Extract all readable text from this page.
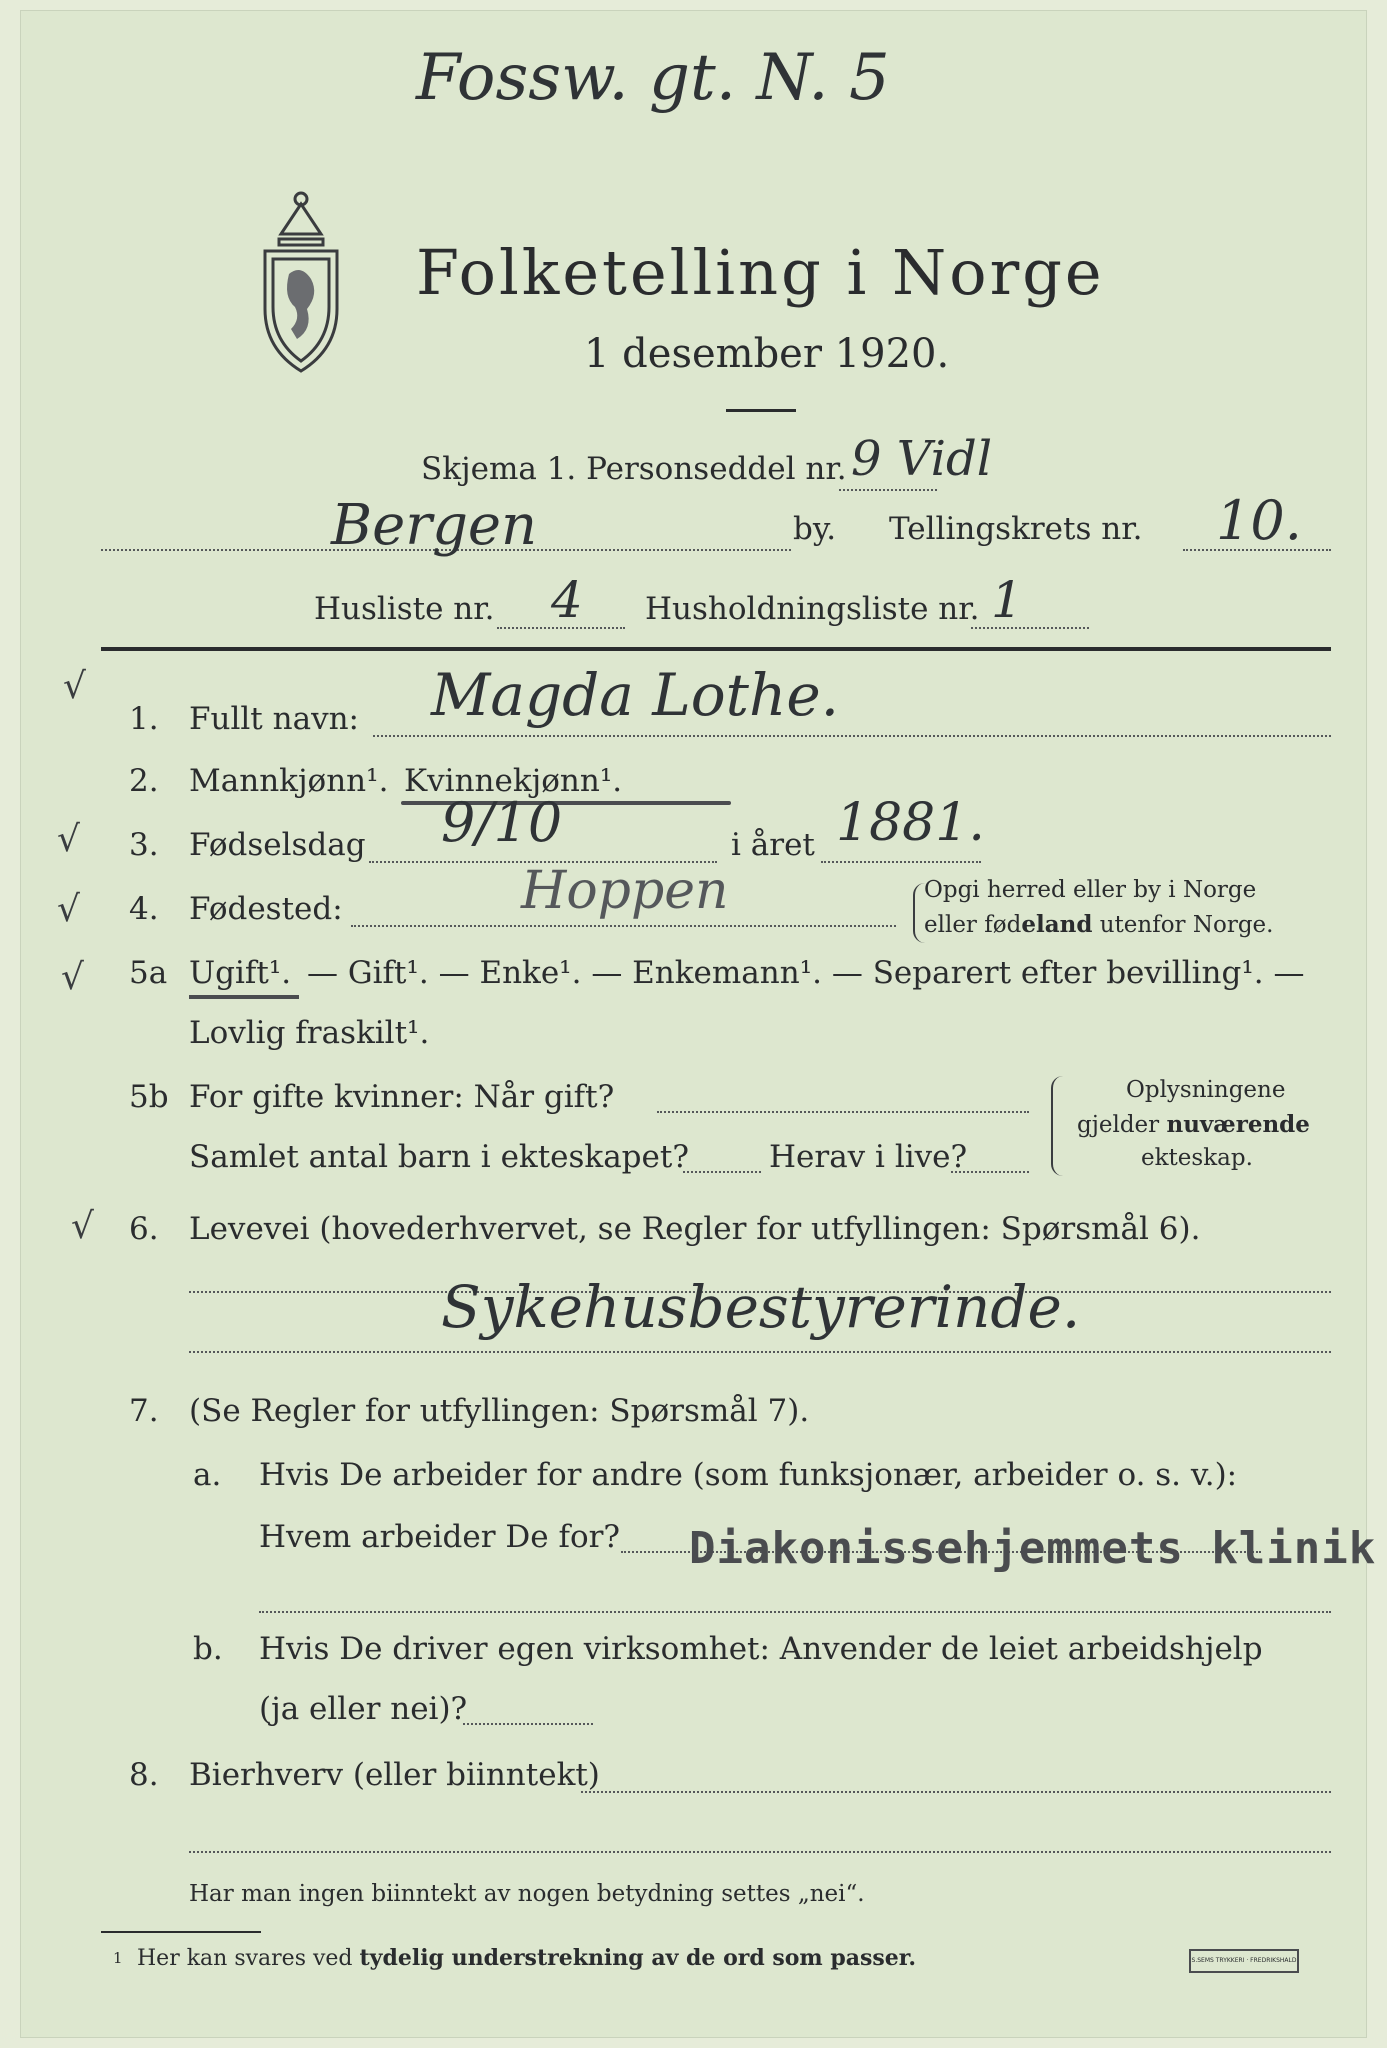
Fossw. gt. N. 5
Folketelling i Norge
1 desember 1920.
Skjema 1. Personseddel nr. 9 Vidl
Bergen	by. Tellingskrets nr. 10.
Husliste nr. 4 Husholdningsliste nr. 1
√
√
√
√
√
1. Fullt navn: Magda Lothe.
2. Mannkjønn¹. Kvinnekjønn¹.
3. Fødselsdag 9/10	i året 1881.
4. Fødested:	Hoppen	Opgi herred eller by i Norge
eller fødeland utenfor Norge.
5a Ugift¹. — Gift¹. — Enke¹. — Enkemann¹. — Separert efter bevilling¹. —
Lovlig fraskilt¹.
5b For gifte kvinner: Når gift?
Samlet antal barn i ekteskapet?	Herav i live?
Oplysningene
gjelder nuværende
ekteskap.
6. Levevei (hovederhvervet, se Regler for utfyllingen: Spørsmål 6).
Sykehusbestyrerinde.
7. (Se Regler for utfyllingen: Spørsmål 7).
a. Hvis De arbeider for andre (som funksjonær, arbeider o. s. v.):
Hvem arbeider De for? Diakonissehjemmets klinik
b. Hvis De driver egen virksomhet: Anvender de leiet arbeidshjelp
(ja eller nei)?
8. Bierhverv (eller biinntekt)
Har man ingen biinntekt av nogen betydning settes „nei“.
1 Her kan svares ved tydelig understrekning av de ord som passer.	S.SEMS TRYKKERI · FREDRIKSHALD
